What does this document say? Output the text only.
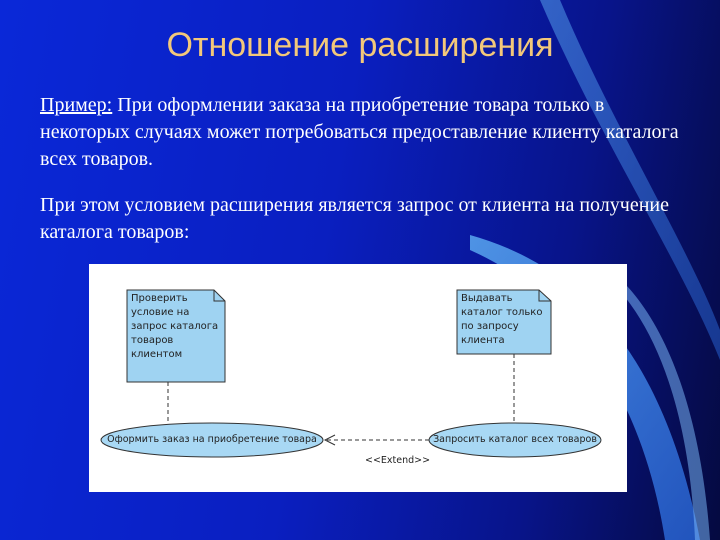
Отношение расширения
Пример: При оформлении заказа на приобретение товара только в некоторых случаях может потребоваться предоставление клиенту каталога всех товаров.
При этом условием расширения является запрос от клиента на получение каталога товаров:
Проверить
условие на
запрос каталога
товаров
клиентом
Выдавать
каталог только
по запросу
клиента
Оформить заказ на приобретение товара	Запросить каталог всех товаров
<<Extend>>
